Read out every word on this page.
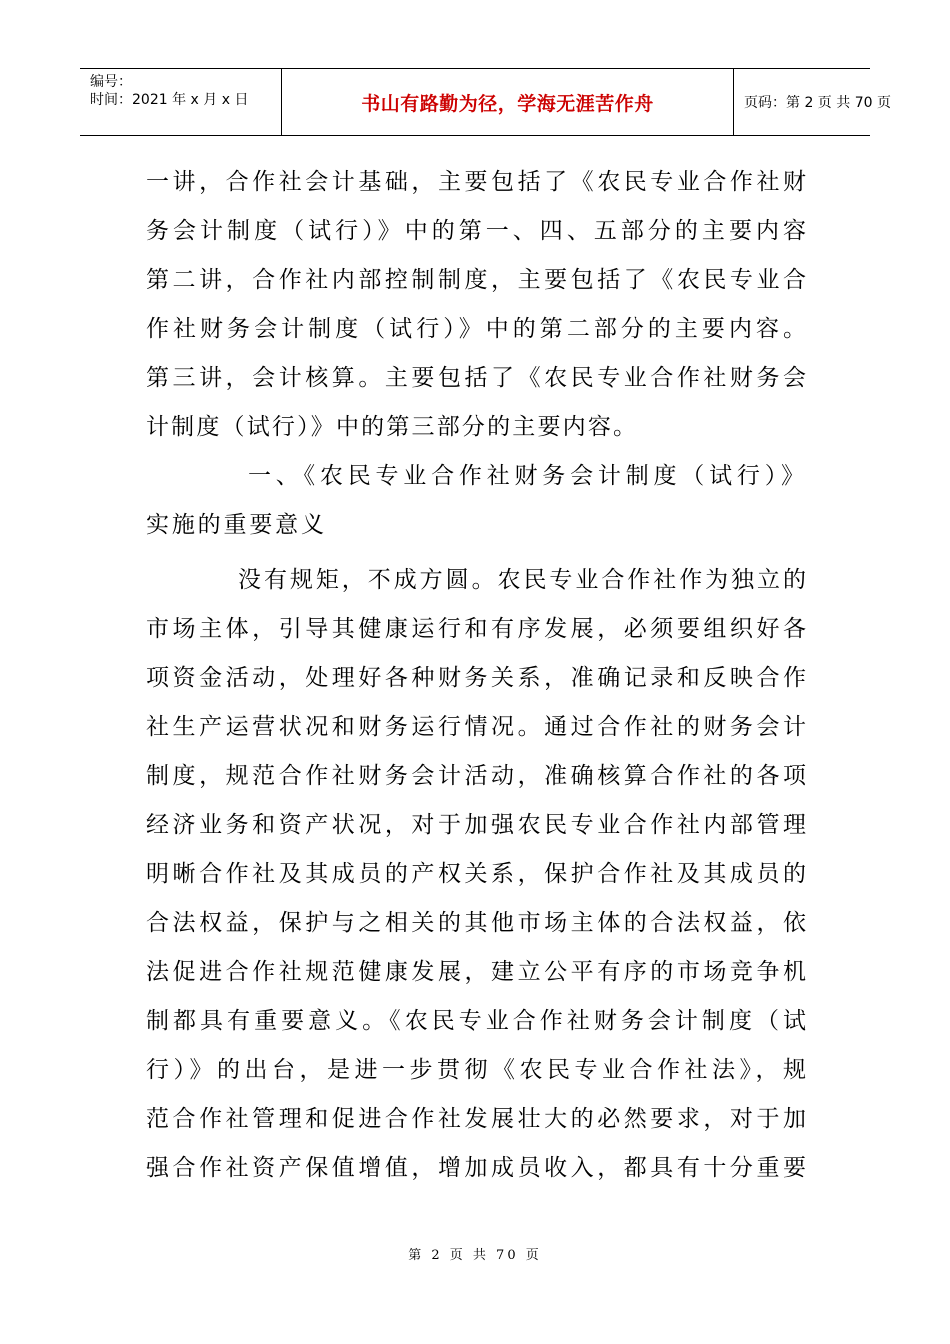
编号：
时间：2021 年 x 月 x 日	书山有路勤为径，学海无涯苦作舟	页码：第 2 页 共 70 页
一讲，合作社会计基础，主要包括了《农民专业合作社财
务会计制度（试行）》中的第一、四、五部分的主要内容
第二讲，合作社内部控制制度，主要包括了《农民专业合
作社财务会计制度（试行）》中的第二部分的主要内容。
第三讲，会计核算。主要包括了《农民专业合作社财务会
计制度（试行）》中的第三部分的主要内容。
一、《农民专业合作社财务会计制度（试行）》
实施的重要意义
没有规矩，不成方圆。农民专业合作社作为独立的
市场主体，引导其健康运行和有序发展，必须要组织好各
项资金活动，处理好各种财务关系，准确记录和反映合作
社生产运营状况和财务运行情况。通过合作社的财务会计
制度，规范合作社财务会计活动，准确核算合作社的各项
经济业务和资产状况，对于加强农民专业合作社内部管理
明晰合作社及其成员的产权关系，保护合作社及其成员的
合法权益，保护与之相关的其他市场主体的合法权益，依
法促进合作社规范健康发展，建立公平有序的市场竞争机
制都具有重要意义。《农民专业合作社财务会计制度（试
行）》的出台，是进一步贯彻《农民专业合作社法》，规
范合作社管理和促进合作社发展壮大的必然要求，对于加
强合作社资产保值增值，增加成员收入，都具有十分重要
第 2 页 共 70 页
